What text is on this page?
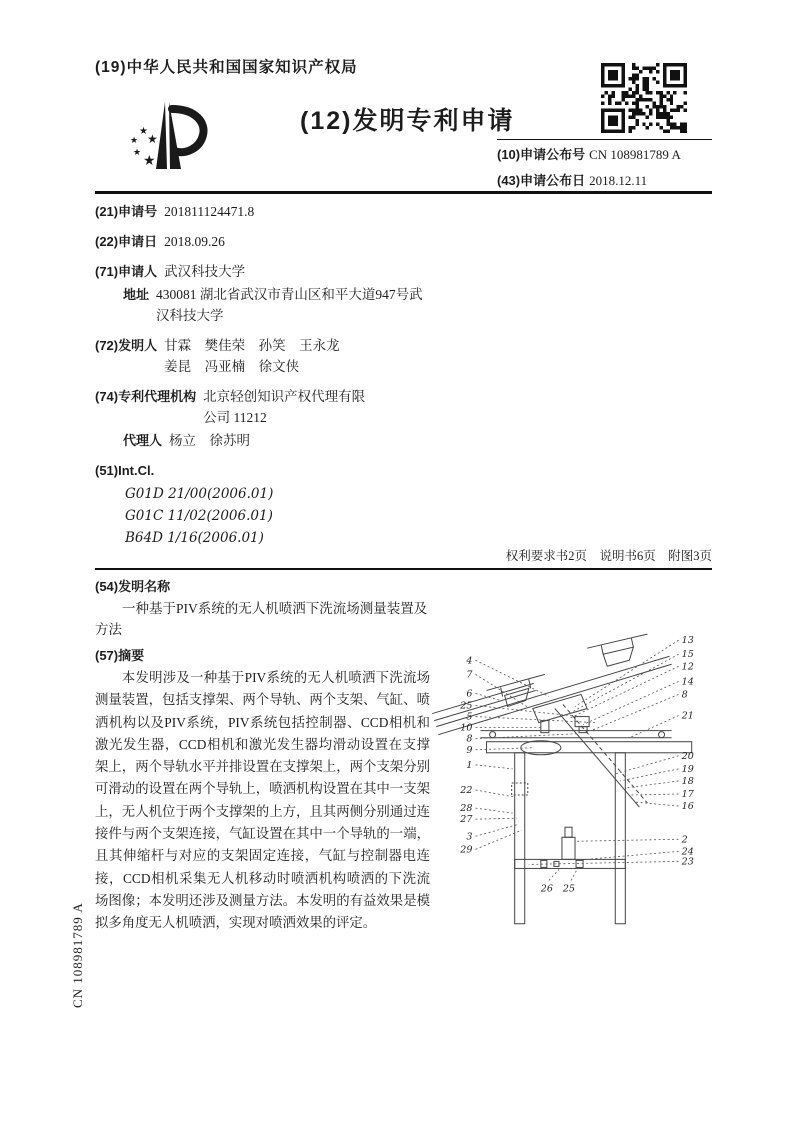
(19)中华人民共和国国家知识产权局
★
★
★
★ ★
(12)发明专利申请
(10)申请公布号 CN 108981789 A
(43)申请公布日 2018.12.11
(21)申请号 201811124471.8
(22)申请日 2018.09.26
(71)申请人 武汉科技大学
地址 430081 湖北省武汉市青山区和平大道947号武汉科技大学
(72)发明人 甘霖　樊佳荣　孙笑　王永龙
姜昆　冯亚楠　徐文侠
(74)专利代理机构 北京轻创知识产权代理有限
公司 11212
代理人 杨立　徐苏明
(51)Int.Cl.
G01D 21/00(2006.01)
G01C 11/02(2006.01)
B64D 1/16(2006.01)
权利要求书2页　说明书6页　附图3页
(54)发明名称
一种基于PIV系统的无人机喷洒下洗流场测量装置及方法
(57)摘要
本发明涉及一种基于PIV系统的无人机喷洒下洗流场测量装置，包括支撑架、两个导轨、两个支架、气缸、喷洒机构以及PIV系统，PIV系统包括控制器、CCD相机和激光发生器，CCD相机和激光发生器均滑动设置在支撑架上，两个导轨水平并排设置在支撑架上，两个支架分别可滑动的设置在两个导轨上，喷洒机构设置在其中一支架上，无人机位于两个支撑架的上方，且其两侧分别通过连接件与两个支架连接，气缸设置在其中一个导轨的一端，且其伸缩杆与对应的支架固定连接，气缸与控制器电连接，CCD相机采集无人机移动时喷洒机构喷洒的下洗流场图像；本发明还涉及测量方法。本发明的有益效果是模拟多角度无人机喷洒，实现对喷洒效果的评定。
4
7
6
25
5
10
8
9
1
22
28
27
3
29
13
15
12
14
8
21
20
19
18
17
16
2
24
23
26 25
CN 108981789 A
